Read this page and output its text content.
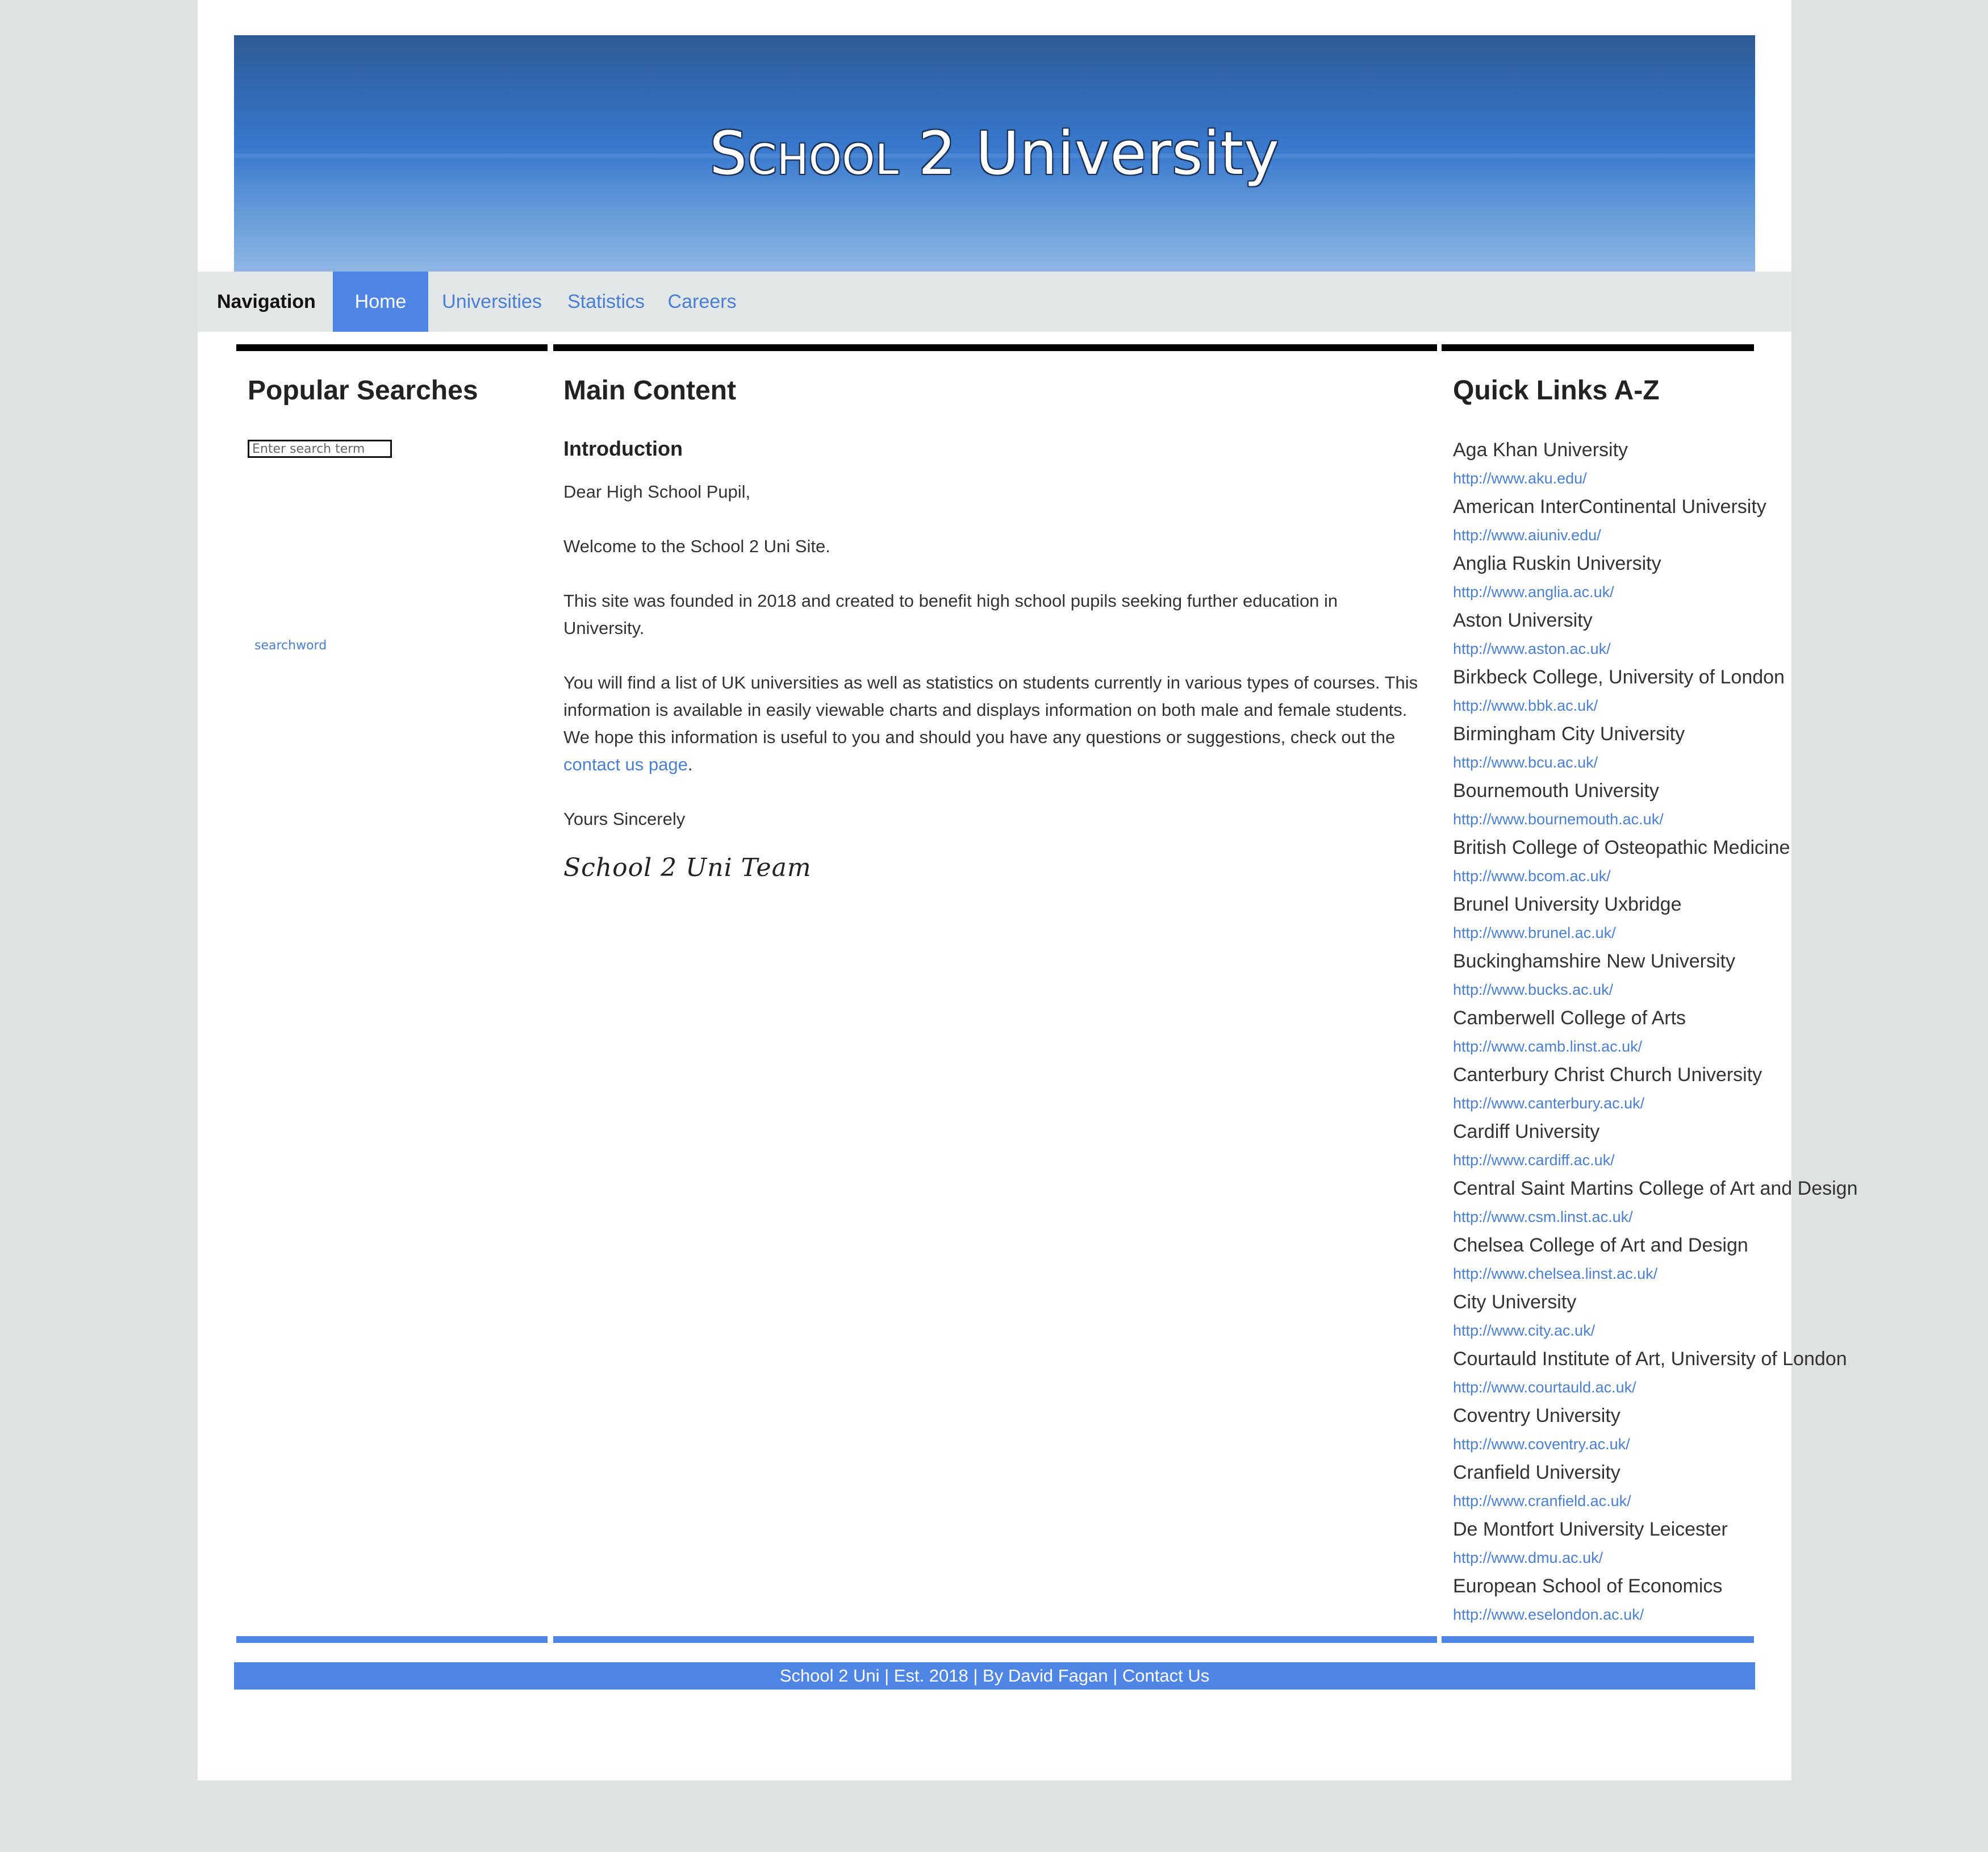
School 2 University
Navigation	Home	Universities Statistics Careers
Popular Searches
Enter search term
searchword
Main Content
Introduction

Dear High School Pupil,

Welcome to the School 2 Uni Site.

This site was founded in 2018 and created to benefit high school pupils seeking further education in University.

You will find a list of UK universities as well as statistics on students currently in various types of courses. This information is available in easily viewable charts and displays information on both male and female students. We hope this information is useful to you and should you have any questions or suggestions, check out the contact us page.

Yours Sincerely

School 2 Uni Team
Quick Links A-Z
Aga Khan University
http://www.aku.edu/
American InterContinental University
http://www.aiuniv.edu/
Anglia Ruskin University
http://www.anglia.ac.uk/
Aston University
http://www.aston.ac.uk/
Birkbeck College, University of London
http://www.bbk.ac.uk/
Birmingham City University
http://www.bcu.ac.uk/
Bournemouth University
http://www.bournemouth.ac.uk/
British College of Osteopathic Medicine
http://www.bcom.ac.uk/
Brunel University Uxbridge
http://www.brunel.ac.uk/
Buckinghamshire New University
http://www.bucks.ac.uk/
Camberwell College of Arts
http://www.camb.linst.ac.uk/
Canterbury Christ Church University
http://www.canterbury.ac.uk/
Cardiff University
http://www.cardiff.ac.uk/
Central Saint Martins College of Art and Design
http://www.csm.linst.ac.uk/
Chelsea College of Art and Design
http://www.chelsea.linst.ac.uk/
City University
http://www.city.ac.uk/
Courtauld Institute of Art, University of London
http://www.courtauld.ac.uk/
Coventry University
http://www.coventry.ac.uk/
Cranfield University
http://www.cranfield.ac.uk/
De Montfort University Leicester
http://www.dmu.ac.uk/
European School of Economics
http://www.eselondon.ac.uk/
School 2 Uni | Est. 2018 | By David Fagan | Contact Us
